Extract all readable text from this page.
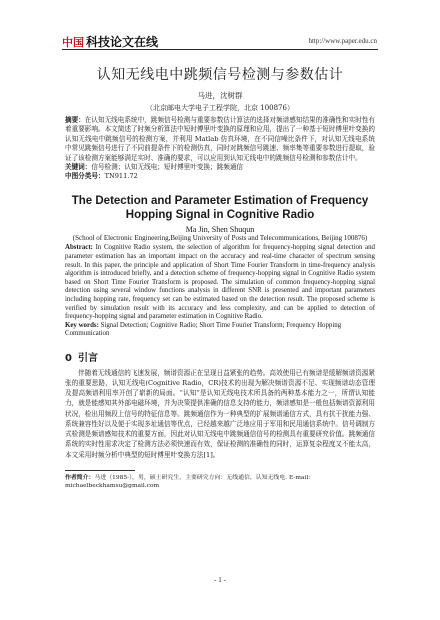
中国 科技论文在线	http://www.paper.edu.cn
认知无线电中跳频信号检测与参数估计

马进，沈树群

（北京邮电大学电子工程学院，北京 100876）

摘要：在认知无线电系统中，跳频信号检测与重要参数估计算法的选择对频谱感知结果的准确性和实时性有着重要影响。本文简述了时频分析算法中短时傅里叶变换的原理和应用，提出了一种基于短时傅里叶变换的认知无线电中跳频信号的检测方案，并利用 Matlab 仿真环境，在不同信噪比条件下，对认知无线电系统中常见跳频信号进行了不同前提条件下的检测仿真，同时对跳频信号跳速、频率集等重要参数进行提取，验证了该检测方案能够满足实时、准确的要求，可以应用到认知无线电中的跳频信号检测和参数估计中。

关键词：信号检测；认知无线电；短时傅里叶变换；跳频通信

中图分类号：TN911.72

The Detection and Parameter Estimation of Frequency Hopping Signal in Cognitive Radio

Ma Jin, Shen Shuqun

(School of Electronic Engineering,Beijing University of Posts and Telecommunications, Beijing 100876)

Abstract: In Cognitive Radio system, the selection of algorithm for frequency-hopping signal detection and parameter estimation has an important impact on the accuracy and real-time character of spectrum sensing result. In this paper, the principle and application of Short Time Fourier Transform in time-frequency analysis algorithm is introduced briefly, and a detection scheme of frequency-hopping signal in Cognitive Radio system based on Short Time Fourier Transform is proposed. The simulation of common frequency-hopping signal detection using several window functions analysis in different SNR is presented and important parameters including hopping rate, frequency set can be estimated based on the detection result. The proposed scheme is verified by simulation result with its accuracy and less complexity, and can be applied to detection of frequency-hopping signal and parameter estimation in Cognitive Radio.

Key words: Signal Detection; Cognitive Radio; Short Time Fourier Transform; Frequency Hopping Communication

0 引言

伴随着无线通信的飞速发展，频谱资源正在呈现日益紧张的趋势。高效使用已有频谱是缓解频谱资源紧张的重要思路，认知无线电(Cognitive Radio，CR)技术的出现为解决频谱资源不足、实现频谱动态管理及提高频谱利用率开创了崭新的局面。“认知”是认知无线电技术所具备的两种基本能力之一，所谓认知能力，就是能感知其外部电磁环境，并为决策提供准确的信息支持的能力，频谱感知是一般包括频谱资源利用状况，检出用频段上信号的特征信息等。跳频通信作为一种典型的扩展频谱通信方式，具有抗干扰能力强、系统兼容性好以及便于实现多址通信等优点，已经越来越广泛地应用于军用和民用通信系统中。信号调制方式检测是频谱感知技术的重要方面，因此对认知无线电中跳频通信信号的检测具有重要研究价值。跳频通信系统的实时性需求决定了检测方法必须快速而有效，保证检测的准确性的同时，运算复杂程度又不能太高，本文采用时频分析中典型的短时傅里叶变换方法[1]。

作者简介：马进（1985-），男，硕士研究生，主要研究方向：无线通信，认知无线电. E-mail: michaelbeckhamsu@gmail.com

- 1 -
